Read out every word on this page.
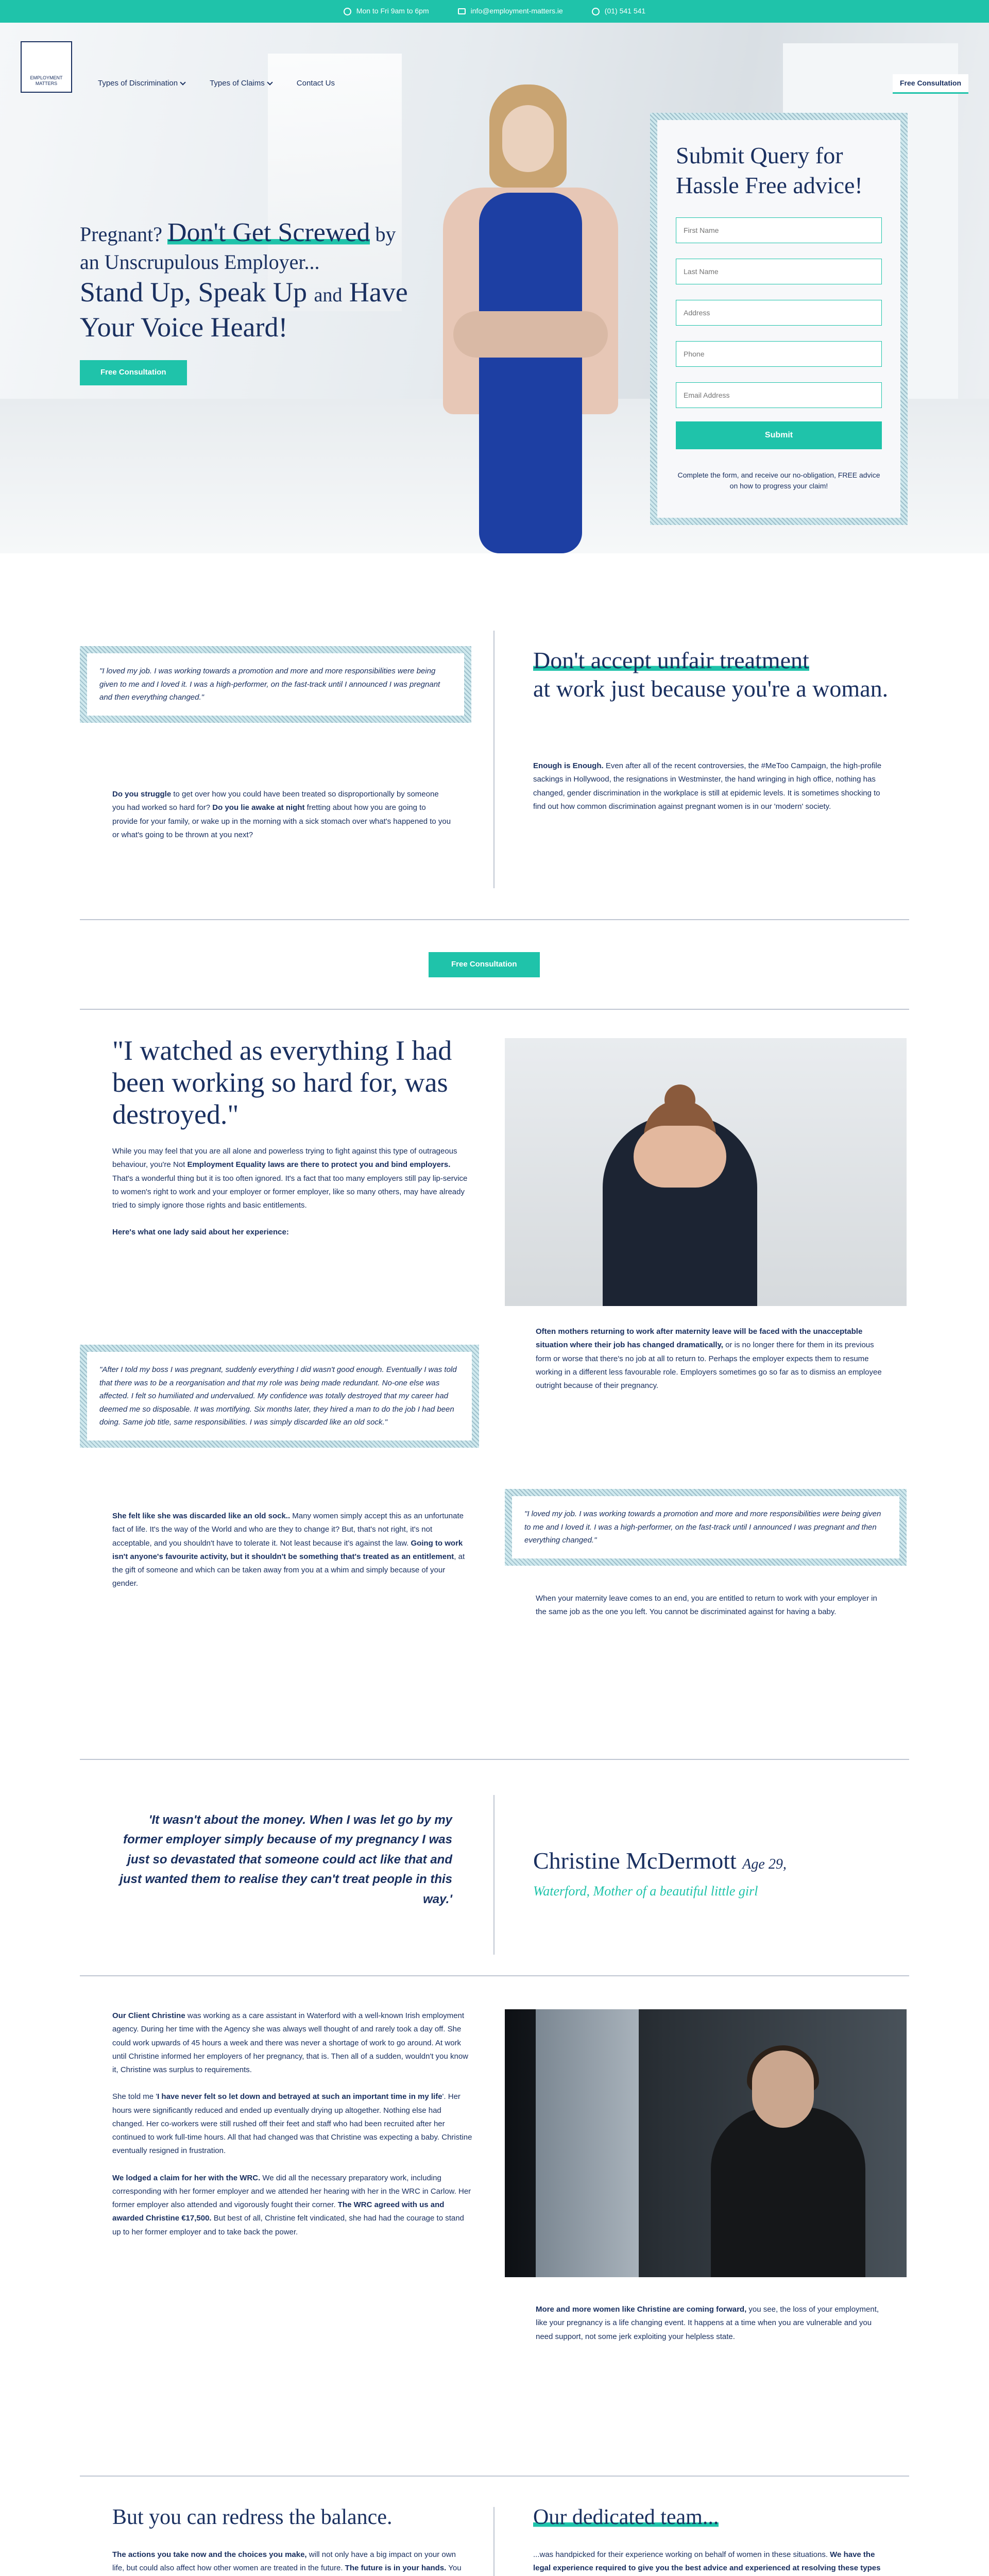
Mon to Fri 9am to 6pm	info@employment-matters.ie	(01) 541 541
EMPLOYMENT MATTERS	Types of Discrimination	Types of Claims	Contact Us	Free Consultation
Pregnant? Don't Get Screwed by
an Unscrupulous Employer...
Stand Up, Speak Up and Have
Your Voice Heard!
Free Consultation
Submit Query for
Hassle Free advice!
First Name
Last Name
Address
Phone
Email Address Submit
Complete the form, and receive our no-obligation, FREE advice on how to progress your claim!
"I loved my job. I was working towards a promotion and more and more responsibilities were being given to me and I loved it. I was a high-performer, on the fast-track until I announced I was pregnant and then everything changed."
Do you struggle to get over how you could have been treated so disproportionally by someone you had worked so hard for? Do you lie awake at night fretting about how you are going to provide for your family, or wake up in the morning with a sick stomach over what's happened to you or what's going to be thrown at you next?
Don't accept unfair treatment
at work just because you're a woman.
Enough is Enough. Even after all of the recent controversies, the #MeToo Campaign, the high-profile sackings in Hollywood, the resignations in Westminster, the hand wringing in high office, nothing has changed, gender discrimination in the workplace is still at epidemic levels. It is sometimes shocking to find out how common discrimination against pregnant women is in our 'modern' society.
Free Consultation
"I watched as everything I had been working so hard for, was destroyed."

While you may feel that you are all alone and powerless trying to fight against this type of outrageous behaviour, you're Not Employment Equality laws are there to protect you and bind employers. That's a wonderful thing but it is too often ignored. It's a fact that too many employers still pay lip-service to women's right to work and your employer or former employer, like so many others, may have already tried to simply ignore those rights and basic entitlements.

Here's what one lady said about her experience:

"After I told my boss I was pregnant, suddenly everything I did wasn't good enough. Eventually I was told that there was to be a reorganisation and that my role was being made redundant. No-one else was affected. I felt so humiliated and undervalued. My confidence was totally destroyed that my career had deemed me so disposable. It was mortifying. Six months later, they hired a man to do the job I had been doing. Same job title, same responsibilities. I was simply discarded like an old sock."
She felt like she was discarded like an old sock.. Many women simply accept this as an unfortunate fact of life. It's the way of the World and who are they to change it? But, that's not right, it's not acceptable, and you shouldn't have to tolerate it. Not least because it's against the law. Going to work isn't anyone's favourite activity, but it shouldn't be something that's treated as an entitlement, at the gift of someone and which can be taken away from you at a whim and simply because of your gender.
Often mothers returning to work after maternity leave will be faced with the unacceptable situation where their job has changed dramatically, or is no longer there for them in its previous form or worse that there's no job at all to return to. Perhaps the employer expects them to resume working in a different less favourable role. Employers sometimes go so far as to dismiss an employee outright because of their pregnancy.
"I loved my job. I was working towards a promotion and more and more responsibilities were being given to me and I loved it. I was a high-performer, on the fast-track until I announced I was pregnant and then everything changed."
When your maternity leave comes to an end, you are entitled to return to work with your employer in the same job as the one you left. You cannot be discriminated against for having a baby.
'It wasn't about the money. When I was let go by my former employer simply because of my pregnancy I was just so devastated that someone could act like that and just wanted them to realise they can't treat people in this way.'
Christine McDermott Age 29,
Waterford, Mother of a beautiful little girl

Our Client Christine was working as a care assistant in Waterford with a well-known Irish employment agency. During her time with the Agency she was always well thought of and rarely took a day off. She could work upwards of 45 hours a week and there was never a shortage of work to go around. At work until Christine informed her employers of her pregnancy, that is. Then all of a sudden, wouldn't you know it, Christine was surplus to requirements.

She told me 'I have never felt so let down and betrayed at such an important time in my life'. Her hours were significantly reduced and ended up eventually drying up altogether. Nothing else had changed. Her co-workers were still rushed off their feet and staff who had been recruited after her continued to work full-time hours. All that had changed was that Christine was expecting a baby. Christine eventually resigned in frustration.

We lodged a claim for her with the WRC. We did all the necessary preparatory work, including corresponding with her former employer and we attended her hearing with her in the WRC in Carlow. Her former employer also attended and vigorously fought their corner. The WRC agreed with us and awarded Christine €17,500. But best of all, Christine felt vindicated, she had had the courage to stand up to her former employer and to take back the power.

More and more women like Christine are coming forward, you see, the loss of your employment, like your pregnancy is a life changing event. It happens at a time when you are vulnerable and you need support, not some jerk exploiting your helpless state.
But you can redress the balance.

The actions you take now and the choices you make, will not only have a big impact on your own life, but could also affect how other women are treated in the future. The future is in your hands. You

Our dedicated team...
...was handpicked for their experience working on behalf of women in these situations. We have the legal experience required to give you the best advice and experienced at resolving these types
